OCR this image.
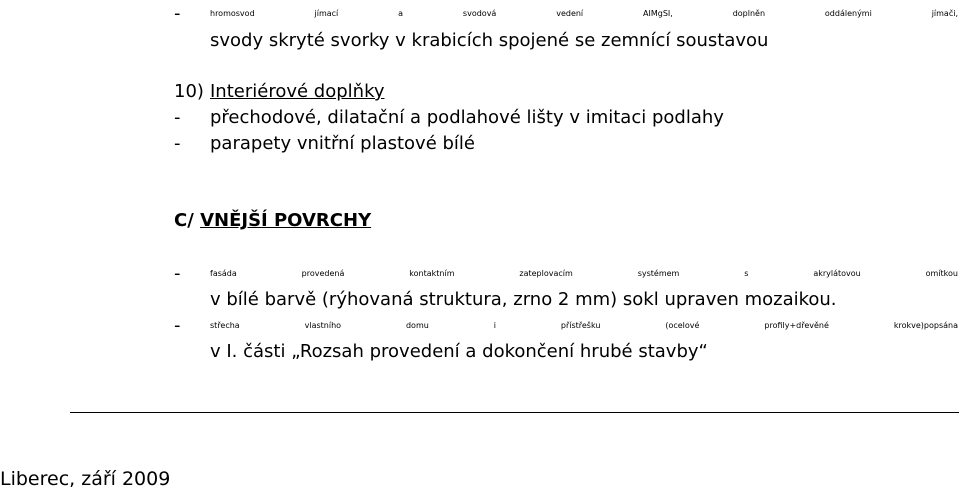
-	hromosvod jímací a svodová vedení AIMgSI, doplněn oddálenými jímači,
svody skryté svorky v krabicích spojené se zemnící soustavou
10) Interiérové doplňky
- přechodové, dilatační a podlahové lišty v imitaci podlahy
- parapety vnitřní plastové bílé
C/ VNĚJŠÍ POVRCHY
-	fasáda provedená kontaktním zateplovacím systémem s akrylátovou omítkou
v bílé barvě (rýhovaná struktura, zrno 2 mm) sokl upraven mozaikou.
-	střecha vlastního domu i přístřešku (ocelové profily+dřevěné krokve)popsána
v I. části „Rozsah provedení a dokončení hrubé stavby“
Liberec, září 2009
